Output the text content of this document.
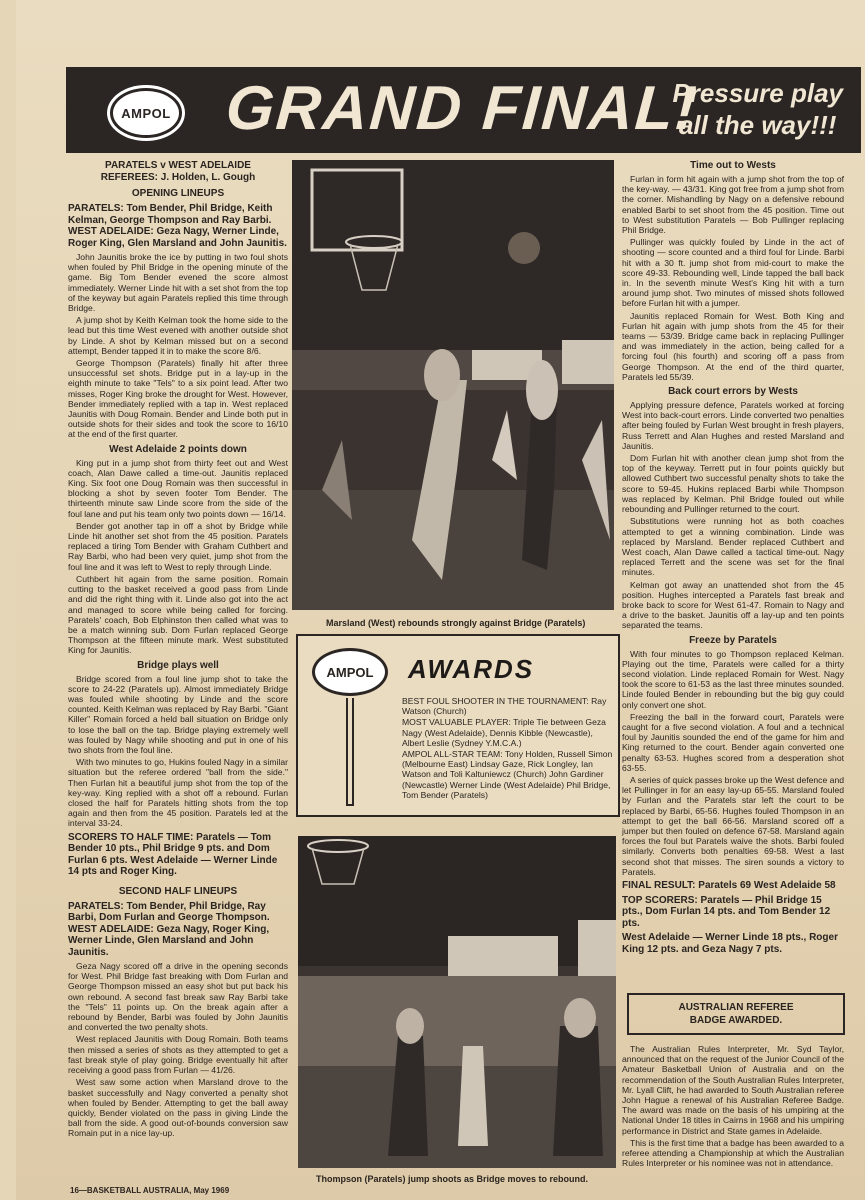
AMPOL GRAND FINAL!
Pressure play
all the way!!!
PARATELS v WEST ADELAIDE
REFEREES: J. Holden, L. Gough
OPENING LINEUPS
PARATELS: Tom Bender, Phil Bridge, Keith Kelman, George Thompson and Ray Barbi.
WEST ADELAIDE: Geza Nagy, Werner Linde, Roger King, Glen Marsland and John Jaunitis.

John Jaunitis broke the ice by putting in two foul shots when fouled by Phil Bridge in the opening minute of the game. Big Tom Bender evened the score almost immediately. Werner Linde hit with a set shot from the top of the keyway but again Paratels replied this time through Bridge.

A jump shot by Keith Kelman took the home side to the lead but this time West evened with another outside shot by Linde. A shot by Kelman missed but on a second attempt, Bender tapped it in to make the score 8/6.

George Thompson (Paratels) finally hit after three unsuccessful set shots. Bridge put in a lay-up in the eighth minute to take "Tels" to a six point lead. After two misses, Roger King broke the drought for West. However, Bender immediately replied with a tap in. West replaced Jaunitis with Doug Romain. Bender and Linde both put in outside shots for their sides and took the score to 16/10 at the end of the first quarter.

West Adelaide 2 points down

King put in a jump shot from thirty feet out and West coach, Alan Dawe called a time-out. Jaunitis replaced King. Six foot one Doug Romain was then successful in blocking a shot by seven footer Tom Bender. The thirteenth minute saw Linde score from the side of the foul lane and put his team only two points down — 16/14.

Bender got another tap in off a shot by Bridge while Linde hit another set shot from the 45 position. Paratels replaced a tiring Tom Bender with Graham Cuthbert and Ray Barbi, who had been very quiet, jump shot from the foul line and it was left to West to reply through Linde.

Cuthbert hit again from the same position. Romain cutting to the basket received a good pass from Linde and did the right thing with it. Linde also got into the act and managed to score while being called for forcing. Paratels' coach, Bob Elphinston then called what was to be a match winning sub. Dom Furlan replaced George Thompson at the fifteen minute mark. West substituted King for Jaunitis.

Bridge plays well

Bridge scored from a foul line jump shot to take the score to 24-22 (Paratels up). Almost immediately Bridge was fouled while shooting by Linde and the score counted. Keith Kelman was replaced by Ray Barbi. "Giant Killer" Romain forced a held ball situation on Bridge only to lose the ball on the tap. Bridge playing extremely well was fouled by Nagy while shooting and put in one of his two shots from the foul line.

With two minutes to go, Hukins fouled Nagy in a similar situation but the referee ordered "ball from the side." Then Furlan hit a beautiful jump shot from the top of the key-way. King replied with a shot off a rebound. Furlan closed the half for Paratels hitting shots from the top again and then from the 45 position. Paratels led at the interval 33-24.

SCORERS TO HALF TIME: Paratels — Tom Bender 10 pts., Phil Bridge 9 pts. and Dom Furlan 6 pts. West Adelaide — Werner Linde 14 pts and Roger King.
SECOND HALF LINEUPS
PARATELS: Tom Bender, Phil Bridge, Ray Barbi, Dom Furlan and George Thompson.
WEST ADELAIDE: Geza Nagy, Roger King, Werner Linde, Glen Marsland and John Jaunitis.

Geza Nagy scored off a drive in the opening seconds for West. Phil Bridge fast breaking with Dom Furlan and George Thompson missed an easy shot but put back his own rebound. A second fast break saw Ray Barbi take the "Tels" 11 points up. On the break again after a rebound by Bender, Barbi was fouled by John Jaunitis and converted the two penalty shots.

West replaced Jaunitis with Doug Romain. Both teams then missed a series of shots as they attempted to get a fast break style of play going. Bridge eventually hit after receiving a good pass from Furlan — 41/26.

West saw some action when Marsland drove to the basket successfully and Nagy converted a penalty shot when fouled by Bender. Attempting to get the ball away quickly, Bender violated on the pass in giving Linde the ball from the side. A good out-of-bounds conversion saw Romain put in a nice lay-up.

Marsland (West) rebounds strongly against Bridge (Paratels)
AMPOL	AWARDS

BEST FOUL SHOOTER IN THE TOURNAMENT: Ray Watson (Church)

MOST VALUABLE PLAYER: Triple Tie between Geza Nagy (West Adelaide), Dennis Kibble (Newcastle), Albert Leslie (Sydney Y.M.C.A.)

AMPOL ALL-STAR TEAM: Tony Holden, Russell Simon (Melbourne East) Lindsay Gaze, Rick Longley, Ian Watson and Toli Kaltuniewcz (Church) John Gardiner (Newcastle) Werner Linde (West Adelaide) Phil Bridge, Tom Bender (Paratels)

Thompson (Paratels) jump shoots as Bridge moves to rebound.
Time out to Wests

Furlan in form hit again with a jump shot from the top of the key-way. — 43/31. King got free from a jump shot from the corner. Mishandling by Nagy on a defensive rebound enabled Barbi to set shoot from the 45 position. Time out to West substitution Paratels — Bob Pullinger replacing Phil Bridge.

Pullinger was quickly fouled by Linde in the act of shooting — score counted and a third foul for Linde. Barbi hit with a 30 ft. jump shot from mid-court to make the score 49-33. Rebounding well, Linde tapped the ball back in. In the seventh minute West's King hit with a turn around jump shot. Two minutes of missed shots followed before Furlan hit with a jumper.

Jaunitis replaced Romain for West. Both King and Furlan hit again with jump shots from the 45 for their teams — 53/39. Bridge came back in replacing Pullinger and was immediately in the action, being called for a forcing foul (his fourth) and scoring off a pass from George Thompson. At the end of the third quarter, Paratels led 55/39.

Back court errors by Wests

Applying pressure defence, Paratels worked at forcing West into back-court errors. Linde converted two penalties after being fouled by Furlan West brought in fresh players, Russ Terrett and Alan Hughes and rested Marsland and Jaunitis.

Dom Furlan hit with another clean jump shot from the top of the keyway. Terrett put in four points quickly but allowed Cuthbert two successful penalty shots to take the score to 59-45. Hukins replaced Barbi while Thompson was replaced by Kelman. Phil Bridge fouled out while rebounding and Pullinger returned to the court.

Substitutions were running hot as both coaches attempted to get a winning combination. Linde was replaced by Marsland. Bender replaced Cuthbert and West coach, Alan Dawe called a tactical time-out. Nagy replaced Terrett and the scene was set for the final minutes.

Kelman got away an unattended shot from the 45 position. Hughes intercepted a Paratels fast break and broke back to score for West 61-47. Romain to Nagy and a drive to the basket. Jaunitis off a lay-up and ten points separated the teams.

Freeze by Paratels

With four minutes to go Thompson replaced Kelman. Playing out the time, Paratels were called for a thirty second violation. Linde replaced Romain for West. Nagy took the score to 61-53 as the last three minutes sounded. Linde fouled Bender in rebounding but the big guy could only convert one shot.

Freezing the ball in the forward court, Paratels were caught for a five second violation. A foul and a technical foul by Jaunitis sounded the end of the game for him and King returned to the court. Bender again converted one penalty 63-53. Hughes scored from a desperation shot 63-55.

A series of quick passes broke up the West defence and let Pullinger in for an easy lay-up 65-55. Marsland fouled by Furlan and the Paratels star left the court to be replaced by Barbi, 65-56. Hughes fouled Thompson in an attempt to get the ball 66-56. Marsland scored off a jumper but then fouled on defence 67-58. Marsland again forces the foul but Paratels waive the shots. Barbi fouled similarly. Converts both penalties 69-58. West a last second shot that misses. The siren sounds a victory to Paratels.

FINAL RESULT: Paratels 69 West Adelaide 58
TOP SCORERS: Paratels — Phil Bridge 15 pts., Dom Furlan 14 pts. and Tom Bender 12 pts.
West Adelaide — Werner Linde 18 pts., Roger King 12 pts. and Geza Nagy 7 pts.
AUSTRALIAN REFEREE
BADGE AWARDED.

The Australian Rules Interpreter, Mr. Syd Taylor, announced that on the request of the Junior Council of the Amateur Basketball Union of Australia and on the recommendation of the South Australian Rules Interpreter, Mr. Lyall Clift, he had awarded to South Australian referee John Hague a renewal of his Australian Referee Badge. The award was made on the basis of his umpiring at the National Under 18 titles in Cairns in 1968 and his umpiring performance in District and State games in Adelaide.

This is the first time that a badge has been awarded to a referee attending a Championship at which the Australian Rules Interpreter or his nominee was not in attendance.

16—BASKETBALL AUSTRALIA, May 1969
